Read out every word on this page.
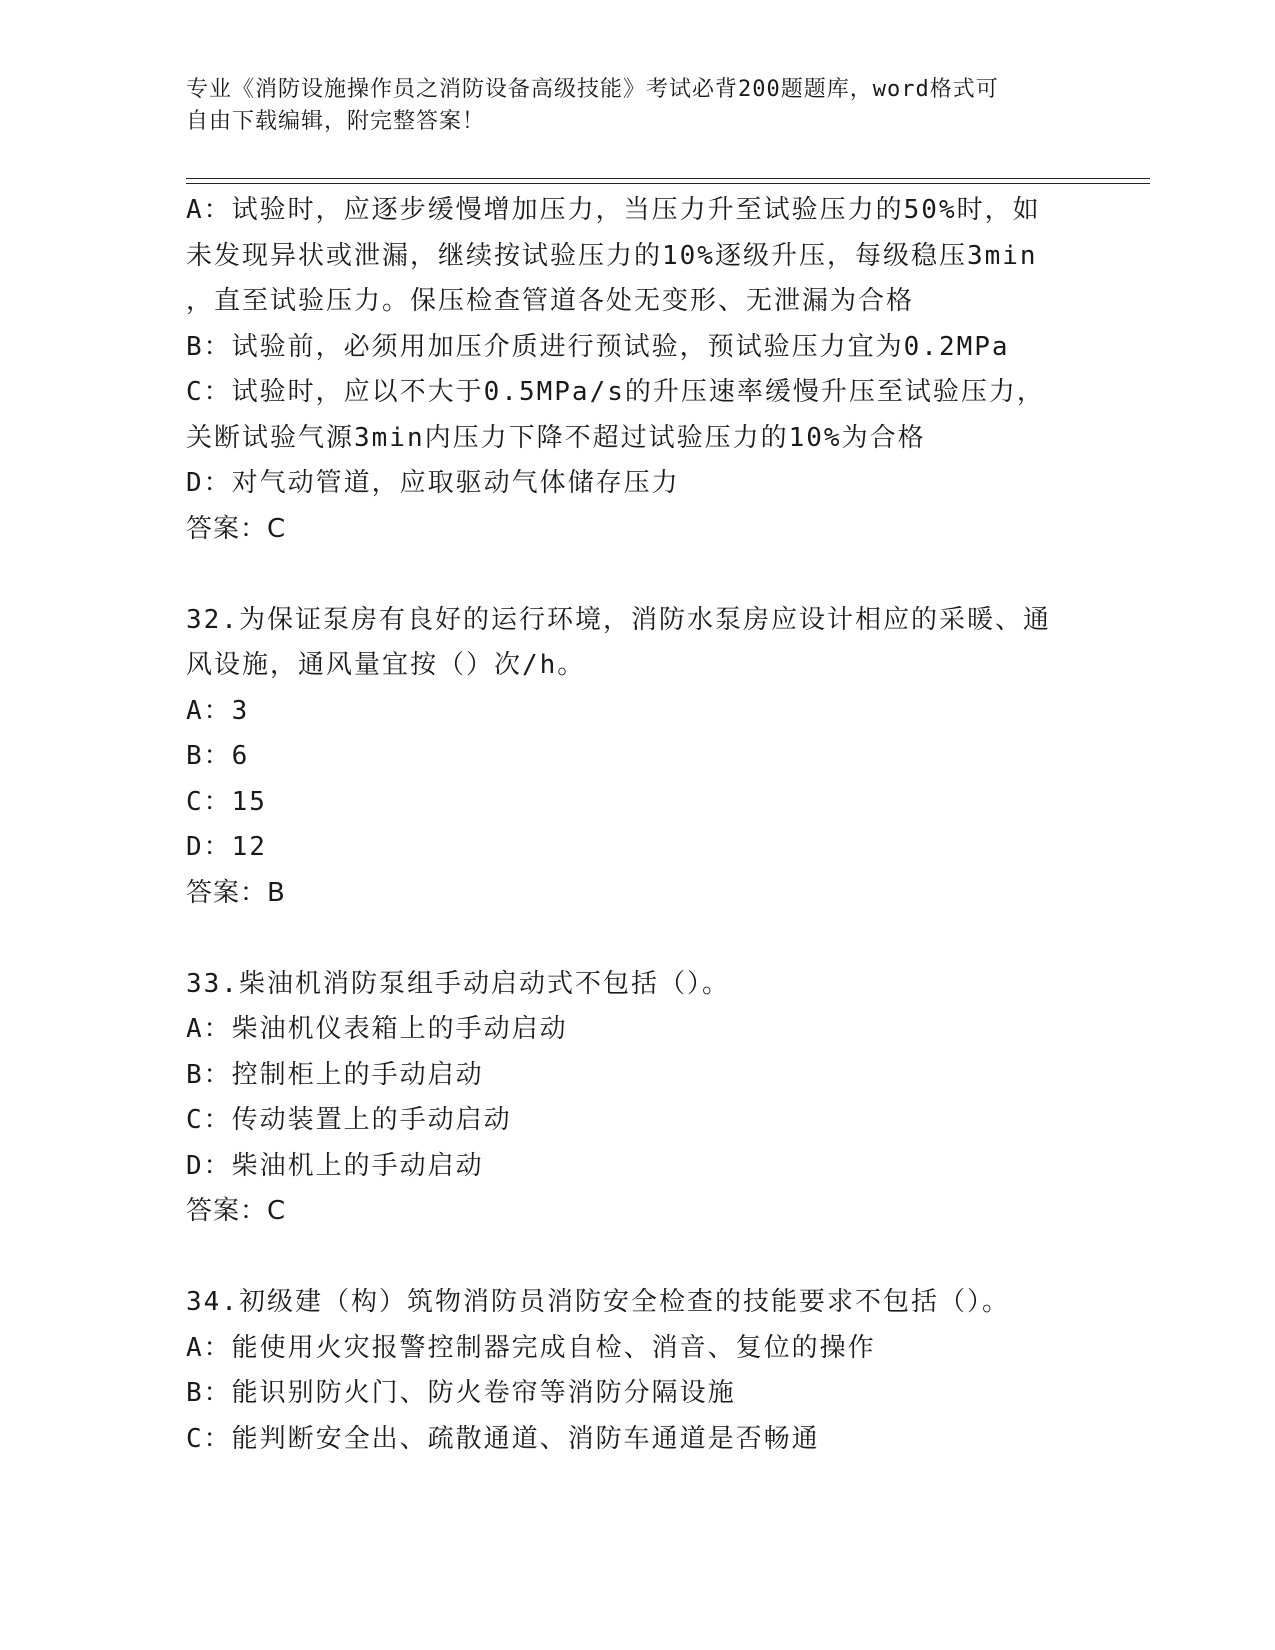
专业《消防设施操作员之消防设备高级技能》考试必背200题题库，word格式可
自由下载编辑，附完整答案！
A：试验时，应逐步缓慢增加压力，当压力升至试验压力的50%时，如
未发现异状或泄漏，继续按试验压力的10%逐级升压，每级稳压3min
，直至试验压力。保压检查管道各处无变形、无泄漏为合格
B：试验前，必须用加压介质进行预试验，预试验压力宜为0.2MPa
C：试验时，应以不大于0.5MPa/s的升压速率缓慢升压至试验压力，
关断试验气源3min内压力下降不超过试验压力的10%为合格
D：对气动管道，应取驱动气体储存压力
答案：C
32.为保证泵房有良好的运行环境，消防水泵房应设计相应的采暖、通
风设施，通风量宜按（）次/h。
A：3
B：6
C：15
D：12
答案：B
33.柴油机消防泵组手动启动式不包括（）。
A：柴油机仪表箱上的手动启动
B：控制柜上的手动启动
C：传动装置上的手动启动
D：柴油机上的手动启动
答案：C
34.初级建（构）筑物消防员消防安全检查的技能要求不包括（）。
A：能使用火灾报警控制器完成自检、消音、复位的操作
B：能识别防火门、防火卷帘等消防分隔设施
C：能判断安全出、疏散通道、消防车通道是否畅通
